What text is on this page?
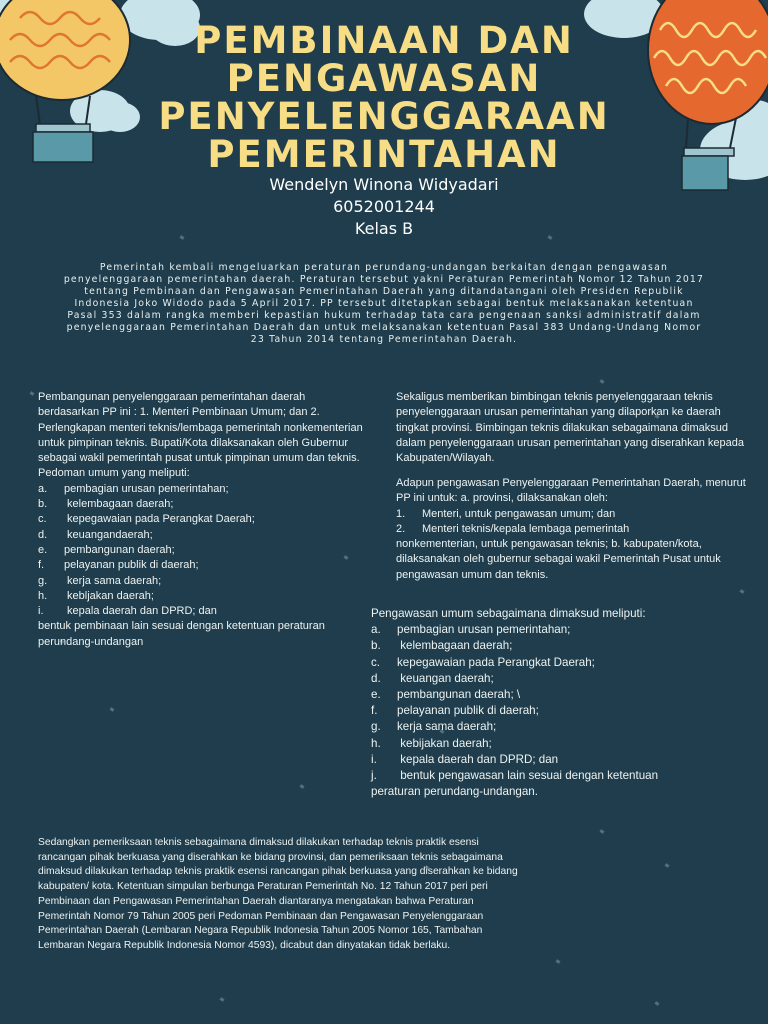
PEMBINAAN DAN
PENGAWASAN
PENYELENGGARAAN
PEMERINTAHAN
Wendelyn Winona Widyadari
6052001244
Kelas B
Pemerintah kembali mengeluarkan peraturan perundang-undangan berkaitan dengan pengawasan penyelenggaraan pemerintahan daerah. Peraturan tersebut yakni Peraturan Pemerintah Nomor 12 Tahun 2017 tentang Pembinaan dan Pengawasan Pemerintahan Daerah yang ditandatangani oleh Presiden Republik Indonesia Joko Widodo pada 5 April 2017. PP tersebut ditetapkan sebagai bentuk melaksanakan ketentuan Pasal 353 dalam rangka memberi kepastian hukum terhadap tata cara pengenaan sanksi administratif dalam penyelenggaraan Pemerintahan Daerah dan untuk melaksanakan ketentuan Pasal 383 Undang-Undang Nomor 23 Tahun 2014 tentang Pemerintahan Daerah.

Pembangunan penyelenggaraan pemerintahan daerah berdasarkan PP ini : 1. Menteri Pembinaan Umum; dan 2. Perlengkapan menteri teknis/lembaga pemerintah nonkementerian untuk pimpinan teknis. Bupati/Kota dilaksanakan oleh Gubernur sebagai wakil pemerintah pusat untuk pimpinan umum dan teknis.

Pedoman umum yang meliputi:

a. pembagian urusan pemerintahan;
b. kelembagaan daerah;
c. kepegawaian pada Perangkat Daerah;
d. keuangandaerah;
e. pembangunan daerah;
f. pelayanan publik di daerah;
g. kerja sama daerah;
h. kebljakan daerah;
i. kepala daerah dan DPRD; dan

bentuk pembinaan lain sesuai dengan ketentuan peraturan perundang-undangan

Sekaligus memberikan bimbingan teknis penyelenggaraan teknis penyelenggaraan urusan pemerintahan yang dilaporkan ke daerah tingkat provinsi. Bimbingan teknis dilakukan sebagaimana dimaksud dalam penyelenggaraan urusan pemerintahan yang diserahkan kepada Kabupaten/Wilayah.

Adapun pengawasan Penyelenggaraan Pemerintahan Daerah, menurut PP ini untuk: a. provinsi, dilaksanakan oleh:

1. Menteri, untuk pengawasan umum; dan
2. Menteri teknis/kepala lembaga pemerintah

nonkementerian, untuk pengawasan teknis; b. kabupaten/kota, dilaksanakan oleh gubernur sebagai wakil Pemerintah Pusat untuk pengawasan umum dan teknis.

Pengawasan umum sebagaimana dimaksud meliputi:

a. pembagian urusan pemerintahan;
b. kelembagaan daerah;
c. kepegawaian pada Perangkat Daerah;
d. keuangan daerah;
e. pembangunan daerah; \
f. pelayanan publik di daerah;
g. kerja sama daerah;
h. kebijakan daerah;
i. kepala daerah dan DPRD; dan
j. bentuk pengawasan lain sesuai dengan ketentuan

peraturan perundang-undangan.

Sedangkan pemeriksaan teknis sebagaimana dimaksud dilakukan terhadap teknis praktik esensi rancangan pihak berkuasa yang diserahkan ke bidang provinsi, dan pemeriksaan teknis sebagaimana dimaksud dilakukan terhadap teknis praktik esensi rancangan pihak berkuasa yang diserahkan ke bidang kabupaten/ kota. Ketentuan simpulan berbunga Peraturan Pemerintah No. 12 Tahun 2017 peri peri Pembinaan dan Pengawasan Pemerintahan Daerah diantaranya mengatakan bahwa Peraturan Pemerintah Nomor 79 Tahun 2005 peri Pedoman Pembinaan dan Pengawasan Penyelenggaraan Pemerintahan Daerah (Lembaran Negara Republik Indonesia Tahun 2005 Nomor 165, Tambahan Lembaran Negara Republik Indonesia Nomor 4593), dicabut dan dinyatakan tidak berlaku.
